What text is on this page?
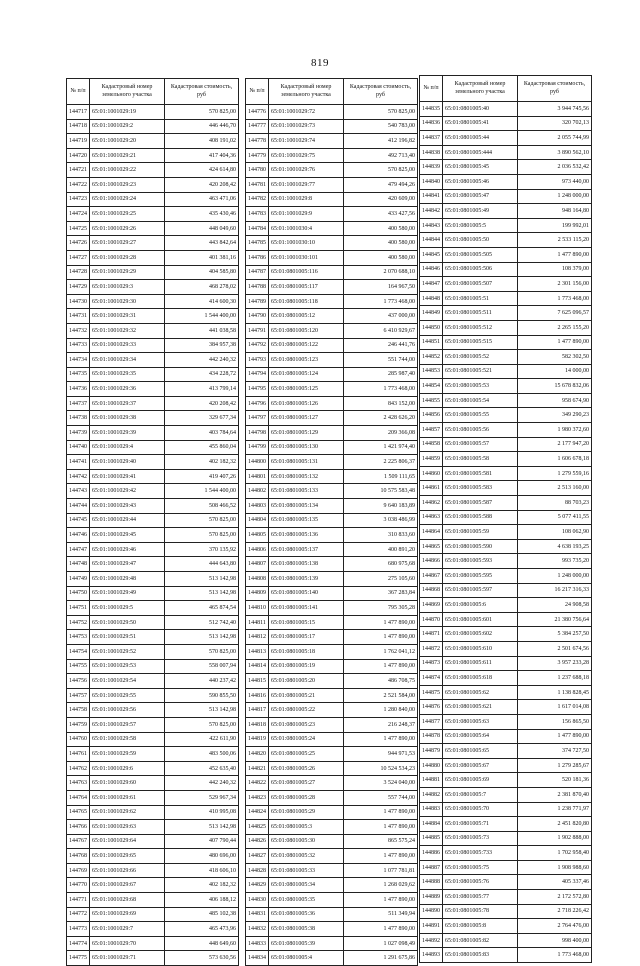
819
№ п/п	Кадастровый номер земельного участка	Кадастровая стоимость, руб
144717	65:01:1001029:19	570 825,00
144718	65:01:1001029:2	446 446,70
144719	65:01:1001029:20	408 191,02
144720	65:01:1001029:21	417 404,36
144721	65:01:1001029:22	424 614,80
144722	65:01:1001029:23	420 208,42
144723	65:01:1001029:24	463 471,06
144724	65:01:1001029:25	435 430,46
144725	65:01:1001029:26	448 049,60
144726	65:01:1001029:27	443 842,64
144727	65:01:1001029:28	401 381,16
144728	65:01:1001029:29	404 585,80
144729	65:01:1001029:3	468 278,02
144730	65:01:1001029:30	414 600,30
144731	65:01:1001029:31	1 544 400,00
144732	65:01:1001029:32	441 038,58
144733	65:01:1001029:33	384 957,38
144734	65:01:1001029:34	442 240,32
144735	65:01:1001029:35	434 228,72
144736	65:01:1001029:36	413 799,14
144737	65:01:1001029:37	420 208,42
144738	65:01:1001029:38	329 677,34
144739	65:01:1001029:39	403 784,64
144740	65:01:1001029:4	455 860,04
144741	65:01:1001029:40	402 182,32
144742	65:01:1001029:41	419 407,26
144743	65:01:1001029:42	1 544 400,00
144744	65:01:1001029:43	508 466,52
144745	65:01:1001029:44	570 825,00
144746	65:01:1001029:45	570 825,00
144747	65:01:1001029:46	370 135,92
144748	65:01:1001029:47	444 643,80
144749	65:01:1001029:48	513 142,98
144750	65:01:1001029:49	513 142,98
144751	65:01:1001029:5	465 874,54
144752	65:01:1001029:50	512 742,40
144753	65:01:1001029:51	513 142,98
144754	65:01:1001029:52	570 825,00
144755	65:01:1001029:53	558 007,94
144756	65:01:1001029:54	440 237,42
144757	65:01:1001029:55	590 855,50
144758	65:01:1001029:56	513 142,98
144759	65:01:1001029:57	570 825,00
144760	65:01:1001029:58	422 611,90
144761	65:01:1001029:59	483 500,06
144762	65:01:1001029:6	452 635,40
144763	65:01:1001029:60	442 240,32
144764	65:01:1001029:61	529 967,34
144765	65:01:1001029:62	410 995,08
144766	65:01:1001029:63	513 142,98
144767	65:01:1001029:64	407 790,44
144768	65:01:1001029:65	480 696,00
144769	65:01:1001029:66	418 606,10
144770	65:01:1001029:67	402 182,32
144771	65:01:1001029:68	406 188,12
144772	65:01:1001029:69	485 102,38
144773	65:01:1001029:7	465 473,96
144774	65:01:1001029:70	448 649,60
144775	65:01:1001029:71	573 630,56
№ п/п	Кадастровый номер земельного участка	Кадастровая стоимость, руб
144776	65:01:1001029:72	570 825,00
144777	65:01:1001029:73	540 783,00
144778	65:01:1001029:74	412 196,82
144779	65:01:1001029:75	492 713,40
144780	65:01:1001029:76	570 825,00
144781	65:01:1001029:77	479 494,26
144782	65:01:1001029:8	420 609,00
144783	65:01:1001029:9	433 427,56
144784	65:01:1001030:4	400 580,00
144785	65:01:1001030:10	400 580,00
144786	65:01:1001030:101	400 580,00
144787	65:01:0801005:116	2 070 688,10
144788	65:01:0801005:117	164 967,50
144789	65:01:0801005:118	1 773 468,00
144790	65:01:0801005:12	437 000,00
144791	65:01:0801005:120	6 410 929,67
144792	65:01:0801005:122	246 441,76
144793	65:01:0801005:123	551 744,00
144794	65:01:0801005:124	285 987,40
144795	65:01:0801005:125	1 773 468,00
144796	65:01:0801005:126	843 152,00
144797	65:01:0801005:127	2 428 626,20
144798	65:01:0801005:129	209 366,08
144799	65:01:0801005:130	1 421 974,40
144800	65:01:0801005:131	2 225 806,37
144801	65:01:0801005:132	1 509 111,65
144802	65:01:0801005:133	10 575 583,48
144803	65:01:0801005:134	9 640 183,89
144804	65:01:0801005:135	3 038 486,99
144805	65:01:0801005:136	310 833,60
144806	65:01:0801005:137	400 891,20
144807	65:01:0801005:138	680 975,68
144808	65:01:0801005:139	275 105,60
144809	65:01:0801005:140	367 283,84
144810	65:01:0801005:141	795 305,28
144811	65:01:0801005:15	1 477 890,00
144812	65:01:0801005:17	1 477 890,00
144813	65:01:0801005:18	1 762 041,12
144814	65:01:0801005:19	1 477 890,00
144815	65:01:0801005:20	486 708,75
144816	65:01:0801005:21	2 521 584,00
144817	65:01:0801005:22	1 280 840,00
144818	65:01:0801005:23	216 248,37
144819	65:01:0801005:24	1 477 890,00
144820	65:01:0801005:25	944 971,53
144821	65:01:0801005:26	10 524 534,23
144822	65:01:0801005:27	3 524 040,00
144823	65:01:0801005:28	557 744,00
144824	65:01:0801005:29	1 477 890,00
144825	65:01:0801005:3	1 477 890,00
144826	65:01:0801005:30	865 575,24
144827	65:01:0801005:32	1 477 890,00
144828	65:01:0801005:33	1 077 781,81
144829	65:01:0801005:34	1 268 029,62
144830	65:01:0801005:35	1 477 890,00
144831	65:01:0801005:36	511 349,94
144832	65:01:0801005:38	1 477 890,00
144833	65:01:0801005:39	1 027 098,49
144834	65:01:0801005:4	1 291 675,86
№ п/п	Кадастровый номер земельного участка	Кадастровая стоимость, руб
144835	65:01:0801005:40	3 944 745,56
144836	65:01:0801005:41	320 702,13
144837	65:01:0801005:44	2 055 744,99
144838	65:01:0801005:444	3 890 562,10
144839	65:01:0801005:45	2 036 532,42
144840	65:01:0801005:46	973 440,00
144841	65:01:0801005:47	1 248 000,00
144842	65:01:0801005:49	948 164,80
144843	65:01:0801005:5	199 992,01
144844	65:01:0801005:50	2 533 115,20
144845	65:01:0801005:505	1 477 890,00
144846	65:01:0801005:506	108 379,00
144847	65:01:0801005:507	2 301 156,00
144848	65:01:0801005:51	1 773 468,00
144849	65:01:0801005:511	7 625 096,57
144850	65:01:0801005:512	2 265 155,20
144851	65:01:0801005:515	1 477 890,00
144852	65:01:0801005:52	582 302,50
144853	65:01:0801005:521	14 000,00
144854	65:01:0801005:53	15 678 832,06
144855	65:01:0801005:54	958 674,90
144856	65:01:0801005:55	349 290,23
144857	65:01:0801005:56	1 980 372,60
144858	65:01:0801005:57	2 177 947,20
144859	65:01:0801005:58	1 606 678,18
144860	65:01:0801005:581	1 279 559,16
144861	65:01:0801005:583	2 513 160,00
144862	65:01:0801005:587	88 703,23
144863	65:01:0801005:588	5 077 411,55
144864	65:01:0801005:59	108 062,90
144865	65:01:0801005:590	4 638 193,25
144866	65:01:0801005:593	993 735,20
144867	65:01:0801005:595	1 248 000,00
144868	65:01:0801005:597	16 217 316,33
144869	65:01:0801005:6	24 908,58
144870	65:01:0801005:601	21 380 756,64
144871	65:01:0801005:602	5 384 257,50
144872	65:01:0801005:610	2 501 674,56
144873	65:01:0801005:611	3 957 233,28
144874	65:01:0801005:618	1 237 688,18
144875	65:01:0801005:62	1 138 828,45
144876	65:01:0801005:621	1 617 014,08
144877	65:01:0801005:63	156 865,50
144878	65:01:0801005:64	1 477 890,00
144879	65:01:0801005:65	374 727,50
144880	65:01:0801005:67	1 279 285,67
144881	65:01:0801005:69	520 181,36
144882	65:01:0801005:7	2 381 870,40
144883	65:01:0801005:70	1 238 771,97
144884	65:01:0801005:71	2 451 820,80
144885	65:01:0801005:73	1 902 888,00
144886	65:01:0801005:733	1 702 958,40
144887	65:01:0801005:75	1 908 988,60
144888	65:01:0801005:76	405 337,46
144889	65:01:0801005:77	2 172 572,80
144890	65:01:0801005:78	2 718 226,42
144891	65:01:0801005:8	2 764 476,00
144892	65:01:0801005:82	998 400,00
144893	65:01:0801005:83	1 773 468,00
